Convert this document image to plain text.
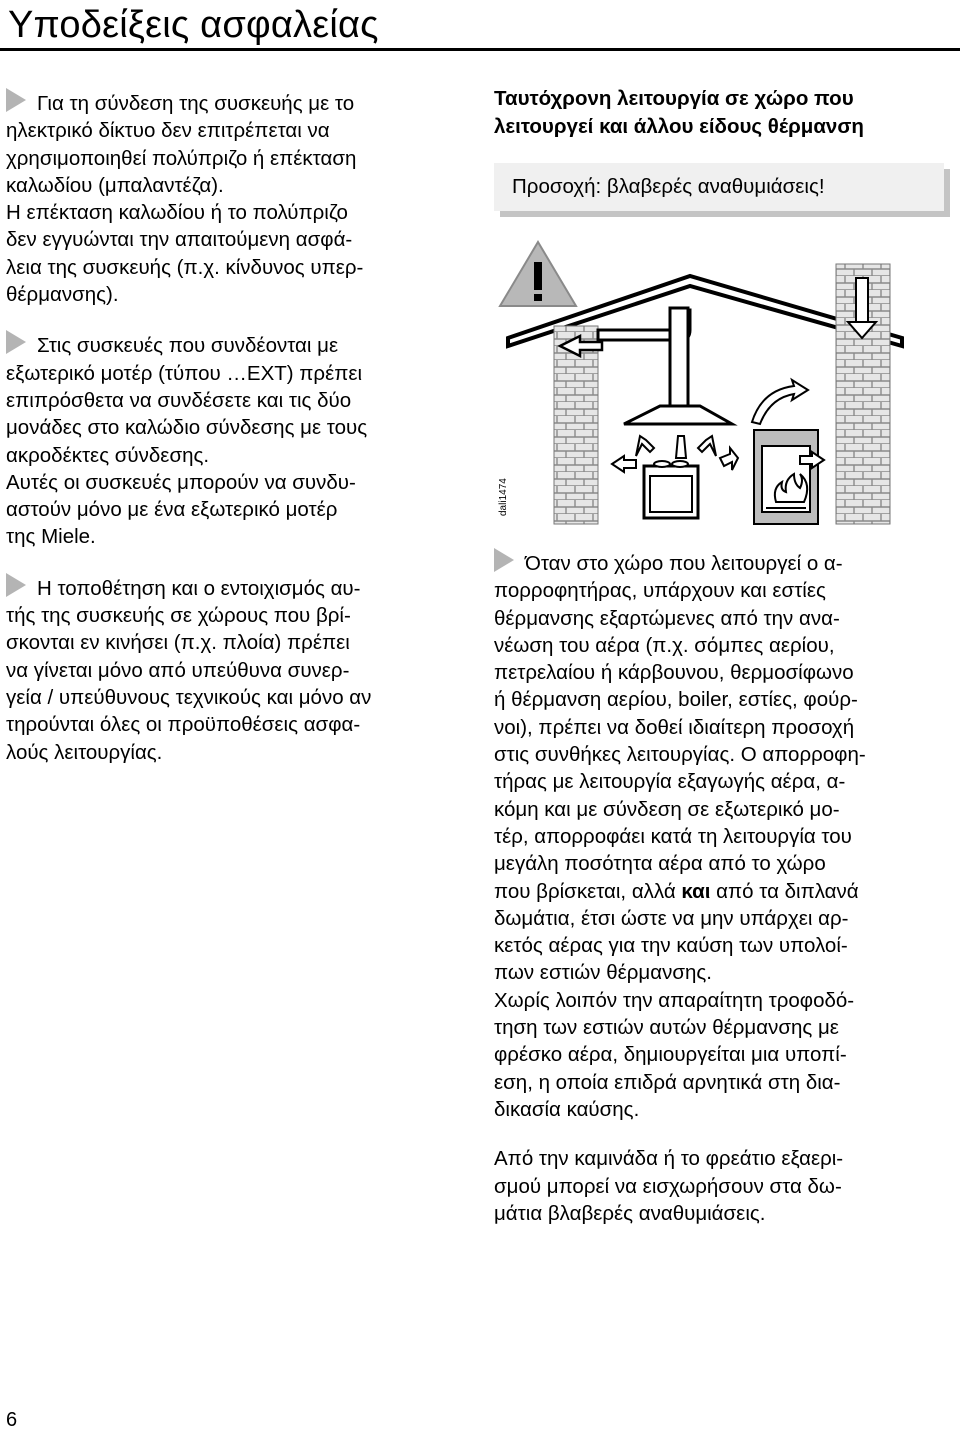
Υποδείξεις ασφαλείας
Για τη σύνδεση της συσκευής με το
ηλεκτρικό δίκτυο δεν επιτρέπεται να
χρησιμοποιηθεί πολύπριζο ή επέκταση
καλωδίου (μπαλαντέζα).
Η επέκταση καλωδίου ή το πολύπριζο
δεν εγγυώνται την απαιτούμενη ασφά-
λεια της συσκευής (π.χ. κίνδυνος υπερ-
θέρμανσης).
Στις συσκευές που συνδέονται με
εξωτερικό μοτέρ (τύπου …EXT) πρέπει
επιπρόσθετα να συνδέσετε και τις δύο
μονάδες στο καλώδιο σύνδεσης με τους
ακροδέκτες σύνδεσης.
Αυτές οι συσκευές μπορούν να συνδυ-
αστούν μόνο με ένα εξωτερικό μοτέρ
της Miele.
Η τοποθέτηση και ο εντοιχισμός αυ-
τής της συσκευής σε χώρους που βρί-
σκονται εν κινήσει (π.χ. πλοία) πρέπει
να γίνεται μόνο από υπεύθυνα συνερ-
γεία / υπεύθυνους τεχνικούς και μόνο αν
τηρούνται όλες οι προϋποθέσεις ασφα-
λούς λειτουργίας.
Ταυτόχρονη λειτουργία σε χώρο που
λειτουργεί και άλλου είδους θέρμανση
Προσοχή: βλαβερές αναθυμιάσεις!
dali1474
Όταν στο χώρο που λειτουργεί ο α-
πορροφητήρας, υπάρχουν και εστίες
θέρμανσης εξαρτώμενες από την ανα-
νέωση του αέρα (π.χ. σόμπες αερίου,
πετρελαίου ή κάρβουνου, θερμοσίφωνο
ή θέρμανση αερίου, boiler, εστίες, φούρ-
νοι), πρέπει να δοθεί ιδιαίτερη προσοχή
στις συνθήκες λειτουργίας. Ο απορροφη-
τήρας με λειτουργία εξαγωγής αέρα, α-
κόμη και με σύνδεση σε εξωτερικό μο-
τέρ, απορροφάει κατά τη λειτουργία του
μεγάλη ποσότητα αέρα από το χώρο
που βρίσκεται, αλλά και από τα διπλανά
δωμάτια, έτσι ώστε να μην υπάρχει αρ-
κετός αέρας για την καύση των υπολοί-
πων εστιών θέρμανσης.
Χωρίς λοιπόν την απαραίτητη τροφοδό-
τηση των εστιών αυτών θέρμανσης με
φρέσκο αέρα, δημιουργείται μια υποπί-
εση, η οποία επιδρά αρνητικά στη δια-
δικασία καύσης.
Από την καμινάδα ή το φρεάτιο εξαερι-
σμού μπορεί να εισχωρήσουν στα δω-
μάτια βλαβερές αναθυμιάσεις.
6
